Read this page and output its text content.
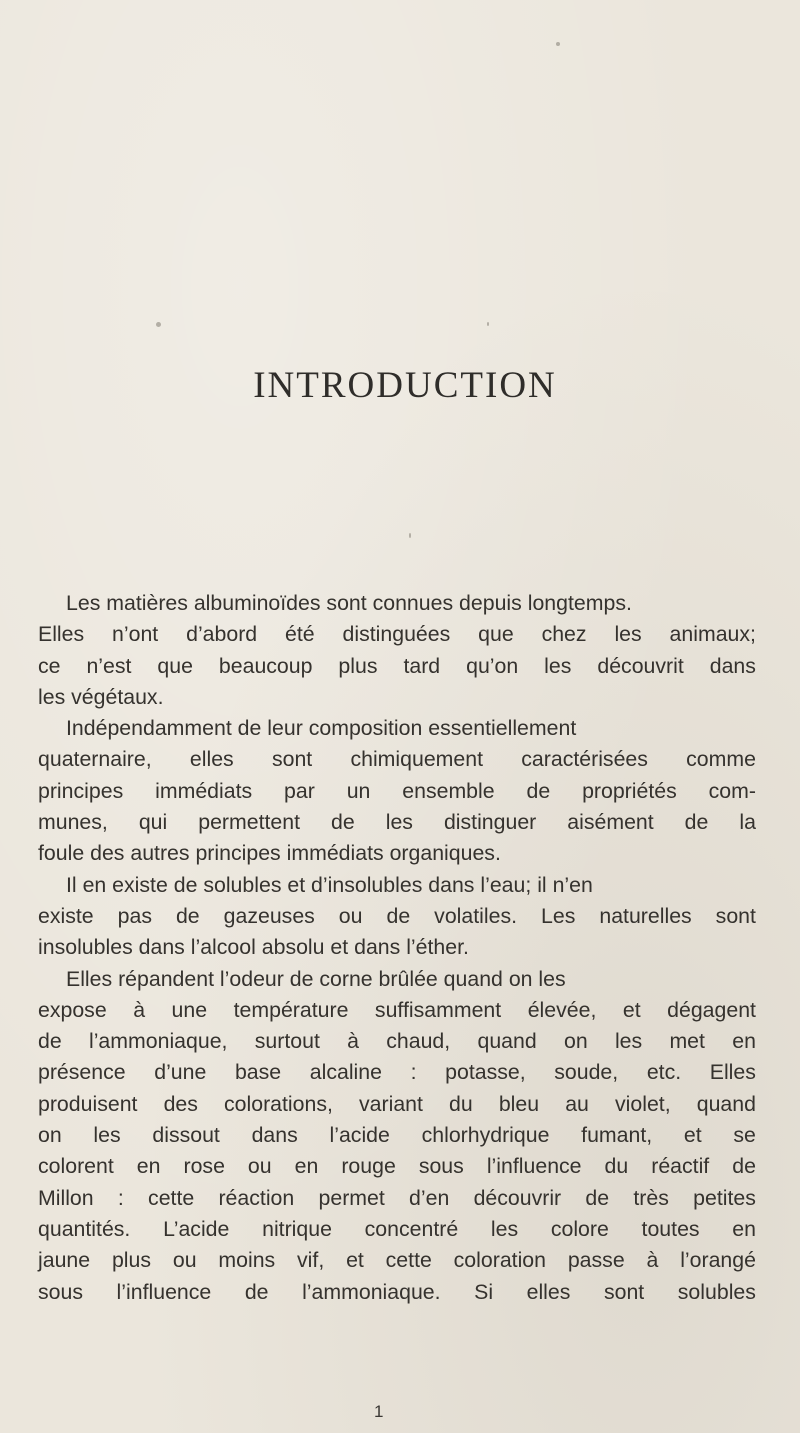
INTRODUCTION
Les matières albuminoïdes sont connues depuis longtemps.
Elles n’ont d’abord été distinguées que chez les animaux;
ce n’est que beaucoup plus tard qu’on les découvrit dans
les végétaux.
Indépendamment de leur composition essentiellement
quaternaire, elles sont chimiquement caractérisées comme
principes immédiats par un ensemble de propriétés com-
munes, qui permettent de les distinguer aisément de la
foule des autres principes immédiats organiques.
Il en existe de solubles et d’insolubles dans l’eau; il n’en
existe pas de gazeuses ou de volatiles. Les naturelles sont
insolubles dans l’alcool absolu et dans l’éther.
Elles répandent l’odeur de corne brûlée quand on les
expose à une température suffisamment élevée, et dégagent
de l’ammoniaque, surtout à chaud, quand on les met en
présence d’une base alcaline : potasse, soude, etc. Elles
produisent des colorations, variant du bleu au violet, quand
on les dissout dans l’acide chlorhydrique fumant, et se
colorent en rose ou en rouge sous l’influence du réactif de
Millon : cette réaction permet d’en découvrir de très petites
quantités. L’acide nitrique concentré les colore toutes en
jaune plus ou moins vif, et cette coloration passe à l’orangé
sous l’influence de l’ammoniaque. Si elles sont solubles
1
